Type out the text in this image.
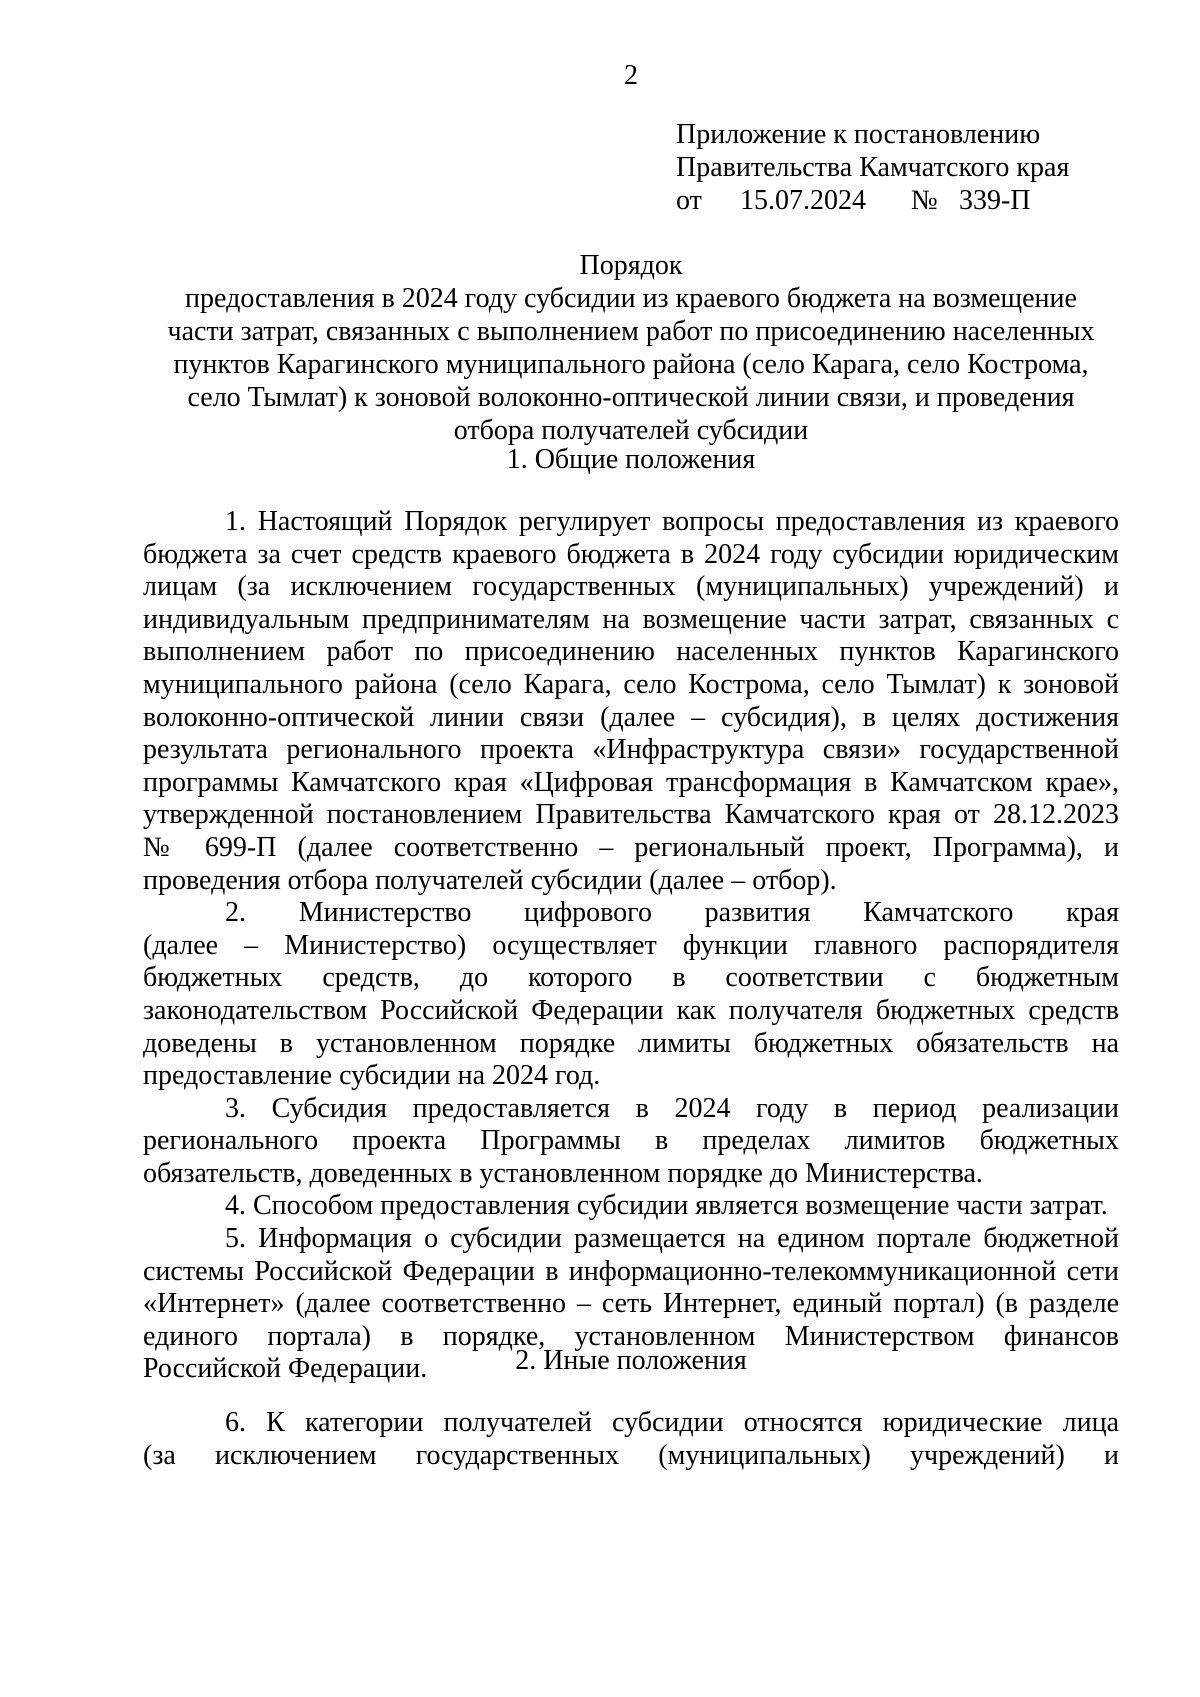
2
Приложение к постановлению
Правительства Камчатского края
от 15.07.2024 № 339-П
Порядок
предоставления в 2024 году субсидии из краевого бюджета на возмещение
части затрат, связанных с выполнением работ по присоединению населенных
пунктов Карагинского муниципального района (село Карага, село Кострома,
село Тымлат) к зоновой волоконно-оптической линии связи, и проведения
отбора получателей субсидии
1. Общие положения
1. Настоящий Порядок регулирует вопросы предоставления из краевого
бюджета за счет средств краевого бюджета в 2024 году субсидии юридическим
лицам (за исключением государственных (муниципальных) учреждений) и
индивидуальным предпринимателям на возмещение части затрат, связанных с
выполнением работ по присоединению населенных пунктов Карагинского
муниципального района (село Карага, село Кострома, село Тымлат) к зоновой
волоконно-оптической линии связи (далее – субсидия), в целях достижения
результата регионального проекта «Инфраструктура связи» государственной
программы Камчатского края «Цифровая трансформация в Камчатском крае»,
утвержденной постановлением Правительства Камчатского края от 28.12.2023
№ 699-П (далее соответственно – региональный проект, Программа), и
проведения отбора получателей субсидии (далее – отбор).
2. Министерство цифрового развития Камчатского края
(далее – Министерство) осуществляет функции главного распорядителя
бюджетных средств, до которого в соответствии с бюджетным
законодательством Российской Федерации как получателя бюджетных средств
доведены в установленном порядке лимиты бюджетных обязательств на
предоставление субсидии на 2024 год.
3. Субсидия предоставляется в 2024 году в период реализации
регионального проекта Программы в пределах лимитов бюджетных
обязательств, доведенных в установленном порядке до Министерства.
4. Способом предоставления субсидии является возмещение части затрат.
5. Информация о субсидии размещается на едином портале бюджетной
системы Российской Федерации в информационно-телекоммуникационной сети
«Интернет» (далее соответственно – сеть Интернет, единый портал) (в разделе
единого портала) в порядке, установленном Министерством финансов
Российской Федерации.	2. Иные положения
6. К категории получателей субсидии относятся юридические лица
(за исключением государственных (муниципальных) учреждений) и
